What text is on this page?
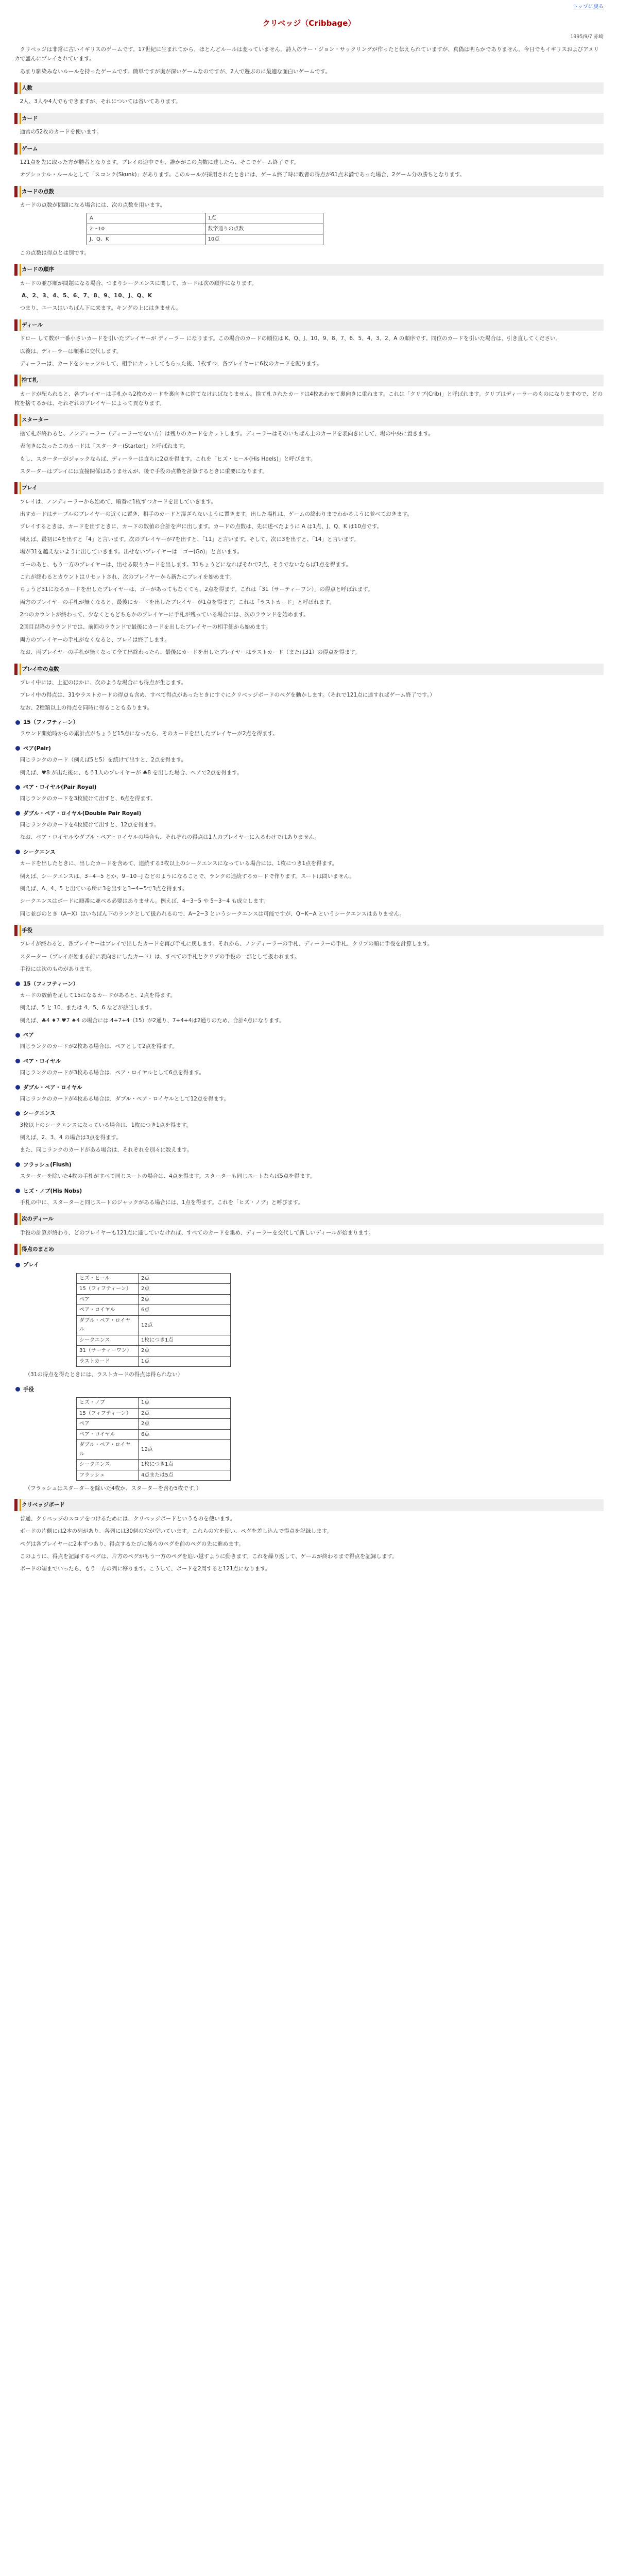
トップに戻る
クリベッジ（Cribbage）
1995/9/7 赤崎

クリベッジは非常に古いイギリスのゲームです。17世紀に生まれてから、ほとんどルールは変っていません。詩人のサー・ジョン・サックリングが作ったと伝えられていますが、真偽は明らかでありません。今日でもイギリスおよびアメリカで盛んにプレイされています。

あまり馴染みないルールを持ったゲームです。簡単ですが奥が深いゲームなのですが、2人で遊ぶのに最適な面白いゲームです。

人数

2人、3人や4人でもできますが、それについては省いてあります。

カード

通常の52枚のカードを使います。

ゲーム

121点を先に取った方が勝者となります。プレイの途中でも、誰かがこの点数に達したら、そこでゲーム終了です。

オプショナル・ルールとして「スコンク(Skunk)」があります。このルールが採用されたときには、ゲーム終了時に敗者の得点が61点未満であった場合、2ゲーム分の勝ちとなります。

カードの点数

カードの点数が問題になる場合には、次の点数を用います。

A	1点
2〜10	数字通りの点数
J、Q、K	10点

この点数は得点とは別です。

カードの順序

カードの並び順が問題になる場合、つまりシークエンスに関して、カードは次の順序になります。

A、2、3、4、5、6、7、8、9、10、J、Q、K

つまり、エースはいちばん下に来ます。キングの上にはきません。

ディール

ドロー して数が一番小さいカードを引いたプレイヤーが ディーラー になります。この場合のカードの順位は K、Q、J、10、9、8、7、6、5、4、3、2、A の順序です。同位のカードを引いた場合は、引き直してください。

以後は、ディーラーは順番に交代します。

ディーラーは、カードをシャッフルして、相手にカットしてもらった後、1枚ずつ、各プレイヤーに6枚のカードを配ります。

捨て札

カードが配られると、各プレイヤーは手札から2枚のカードを裏向きに捨てなければなりません。捨て札されたカードは4枚あわせて裏向きに重ねます。これは「クリブ(Crib)」と呼ばれます。クリブはディーラーのものになりますので、どの枚を捨てるかは、それぞれのプレイヤーによって異なります。

スターター

捨て札が終わると、ノンディーラー（ディーラーでない方）は残りのカードをカットします。ディーラーはそのいちばん上のカードを表向きにして、場の中央に置きます。

表向きになったこのカードは「スターター(Starter)」と呼ばれます。

もし、スターターがジャックならば、ディーラーは直ちに2点を得ます。これを「ヒズ・ヒール(His Heels)」と呼びます。

スターターはプレイには直接関係はありませんが、後で手役の点数を計算するときに重要になります。

プレイ

プレイは、ノンディーラーから始めて、順番に1枚ずつカードを出していきます。

出すカードはテーブルのプレイヤーの近くに置き、相手のカードと混ざらないように置きます。出した場札は、ゲームの終わりまでわかるように並べておきます。

プレイするときは、カードを出すときに、カードの数値の合計を声に出します。カードの点数は、先に述べたように A は1点、J、Q、K は10点です。

例えば、最初に4を出すと「4」と言います。次のプレイヤーが7を出すと、「11」と言います。そして、次に3を出すと、「14」と言います。

場が31を越えないように出していきます。出せないプレイヤーは「ゴー(Go)」と言います。

ゴーのあと、もう一方のプレイヤーは、出せる限りカードを出します。31ちょうどになればそれで2点、そうでないならば1点を得ます。

これが終わるとカウントはリセットされ、次のプレイヤーから新たにプレイを始めます。

ちょうど31になるカードを出したプレイヤーは、ゴーがあってもなくても、2点を得ます。これは「31（サーティーワン）」の得点と呼ばれます。

両方のプレイヤーの手札が無くなると、最後にカードを出したプレイヤーが1点を得ます。これは「ラストカード」と呼ばれます。

2つのカウントが終わって、少なくともどちらかのプレイヤーに手札が残っている場合には、次のラウンドを始めます。

2回目以降のラウンドでは、前回のラウンドで最後にカードを出したプレイヤーの相手側から始めます。

両方のプレイヤーの手札がなくなると、プレイは終了します。

なお、両プレイヤーの手札が無くなって全て出終わったら、最後にカードを出したプレイヤーはラストカード（または31）の得点を得ます。

プレイ中の点数

プレイ中には、上記のほかに、次のような場合にも得点が生じます。

プレイ中の得点は、31やラストカードの得点も含め、すべて得点があったときにすぐにクリベッジボードのペグを動かします。（それで121点に達すればゲーム終了です。）

なお、2種類以上の得点を同時に得ることもあります。

15（フィフティーン）

ラウンド開始時からの累計点がちょうど15点になったら、そのカードを出したプレイヤーが2点を得ます。

ペア(Pair)

同じランクのカード（例えば5と5）を続けて出すと、2点を得ます。

例えば、♥8 が出た後に、もう1人のプレイヤーが ♣8 を出した場合、ペアで2点を得ます。

ペア・ロイヤル(Pair Royal)

同じランクのカードを3枚続けて出すと、6点を得ます。

ダブル・ペア・ロイヤル(Double Pair Royal)

同じランクのカードを4枚続けて出すと、12点を得ます。

なお、ペア・ロイヤルやダブル・ペア・ロイヤルの場合も、それぞれの得点は1人のプレイヤーに入るわけではありません。

シークエンス

カードを出したときに、出したカードを含めて、連続する3枚以上のシークエンスになっている場合には、1枚につき1点を得ます。

例えば、シークエンスは、3−4−5 とか、9−10−J などのようになることで、ランクの連続するカードで作ります。スートは問いません。

例えば、A、4、5 と出ている所に3を出すと3−4−5で3点を得ます。

シークエンスはボードに順番に並べる必要はありません。例えば、4−3−5 や 5−3−4 も成立します。

同じ並びのとき（A−X）はいちばん下のランクとして扱われるので、A−2−3 というシークエンスは可能ですが、Q−K−A というシークエンスはありません。

手役

プレイが終わると、各プレイヤーはプレイで出したカードを再び手札に戻します。それから、ノンディーラーの手札、ディーラーの手札、クリブの順に手役を計算します。

スターター（プレイが始まる前に表向きにしたカード）は、すべての手札とクリブの手役の一部として扱われます。

手役には次のものがあります。

15（フィフティーン）

カードの数値を足して15になるカードがあると、2点を得ます。

例えば、5 と 10、または 4、5、6 などが該当します。

例えば、♣4 ♦7 ♥7 ♠4 の場合には 4+7+4（15）が2通り、7+4+4は2通りのため、合計4点になります。

ペア

同じランクのカードが2枚ある場合は、ペアとして2点を得ます。

ペア・ロイヤル

同じランクのカードが3枚ある場合は、ペア・ロイヤルとして6点を得ます。

ダブル・ペア・ロイヤル

同じランクのカードが4枚ある場合は、ダブル・ペア・ロイヤルとして12点を得ます。

シークエンス

3枚以上のシークエンスになっている場合は、1枚につき1点を得ます。

例えば、2、3、4 の場合は3点を得ます。

また、同じランクのカードがある場合は、それぞれを別々に数えます。

フラッシュ(Flush)

スターターを除いた4枚の手札がすべて同じスートの場合は、4点を得ます。スターターも同じスートならば5点を得ます。

ヒズ・ノブ(His Nobs)

手札の中に、スターターと同じスートのジャックがある場合には、1点を得ます。これを「ヒズ・ノブ」と呼びます。

次のディール

手役の計算が終わり、どのプレイヤーも121点に達していなければ、すべてのカードを集め、ディーラーを交代して新しいディールが始まります。

得点のまとめ
プレイ
ヒズ・ヒール	2点
15（フィフティーン）	2点
ペア	2点
ペア・ロイヤル	6点
ダブル・ペア・ロイヤル	12点
シークエンス	1枚につき1点
31（サーティーワン）	2点
ラストカード	1点

（31の得点を得たときには、ラストカードの得点は得られない）

手役
ヒズ・ノブ	1点
15（フィフティーン）	2点
ペア	2点
ペア・ロイヤル	6点
ダブル・ペア・ロイヤル	12点
シークエンス	1枚につき1点
フラッシュ	4点または5点

（フラッシュはスターターを除いた4枚か、スターターを含む5枚です。）

クリベッジボード

普通、クリベッジのスコアをつけるためには、クリベッジボードというものを使います。

ボードの片側には2本の列があり、各列には30個の穴が空いています。これらの穴を使い、ペグを差し込んで得点を記録します。

ペグは各プレイヤーに2本ずつあり、得点するたびに後ろのペグを前のペグの先に進めます。

このように、得点を記録するペグは、片方のペグがもう一方のペグを追い越すように動きます。これを繰り返して、ゲームが終わるまで得点を記録します。

ボードの端までいったら、もう一方の列に移ります。こうして、ボードを2周すると121点になります。
